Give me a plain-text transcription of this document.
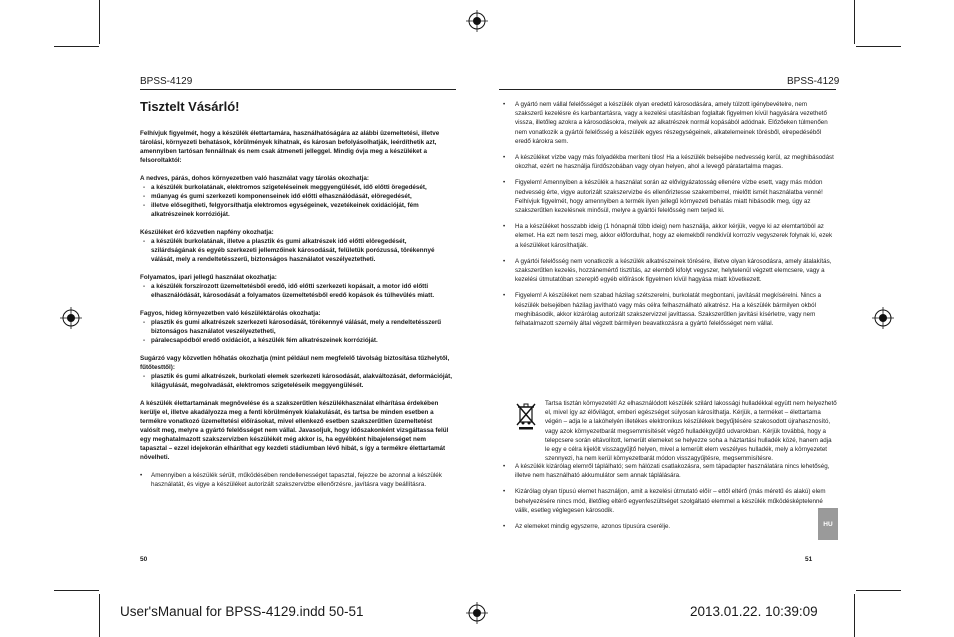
BPSS-4129	BPSS-4129
Tisztelt Vásárló!

Felhívjuk figyelmét, hogy a készülék élettartamára, használhatóságára az alábbi üzemeltetési, illetve tárolási, környezeti behatások, körülmények kihatnak, és károsan befolyásolhatják, leérdíthetik azt, amennyiben tartósan fennállnak és nem csak átmeneti jelleggel. Mindig óvja meg a készüléket a felsoroltaktól:

A nedves, párás, dohos környezetben való használat vagy tárolás okozhatja:
- a készülék burkolatának, elektromos szigeteléseinek meggyengülését, idő előtti öregedését,
- műanyag és gumi szerkezeti komponenseinek idő előtti elhasználódását, elöregedését,
- illetve elősegítheti, felgyorsíthatja elektromos egységeinek, vezetékeinek oxidációját, fém alkatrészeinek korrózióját.
Készüléket érő közvetlen napfény okozhatja:
- a készülék burkolatának, illetve a plasztik és gumi alkatrészek idő előtti elöregedését, szilárdságának és egyéb szerkezeti jellemzőinek károsodását, felületük porózussá, törékennyé válását, mely a rendeltetésszerű, biztonságos használatot veszélyeztetheti.
Folyamatos, ipari jellegű használat okozhatja:
- a készülék forszírozott üzemeltetésből eredő, idő előtti szerkezeti kopásait, a motor idő előtti elhasználódását, károsodását a folyamatos üzemeltetésből eredő kopások és túlhevülés miatt.
Fagyos, hideg környezetben való készüléktárolás okozhatja:
- plasztik és gumi alkatrészek szerkezeti károsodását, törékennyé válását, mely a rendeltetésszerű biztonságos használatot veszélyeztetheti,
- páralecsapódból eredő oxidációt, a készülék fém alkatrészeinek korrózióját.
Sugárzó vagy közvetlen hőhatás okozhatja (mint például nem megfelelő távolság biztosítása tűzhelytől, fűtőtesttől):
- plasztik és gumi alkatrészek, burkolati elemek szerkezeti károsodását, alakváltozását, deformációját, kilágyulását, megolvadását, elektromos szigeteléseik meggyengülését.

A készülék élettartamának megnövelése és a szakszerűtlen készülékhasználat elhárítása érdekében kerülje el, illetve akadályozza meg a fenti körülmények kialakulását, és tartsa be minden esetben a termékre vonatkozó üzemeltetési előírásokat, mivel ellenkező esetben szakszerűtlen üzemeltetést valósít meg, melyre a gyártó felelősséget nem vállal. Javasoljuk, hogy időszakonként vizsgáltassa felül egy meghatalmazott szakszervizben készülékét még akkor is, ha egyébként hibajelenséget nem tapasztal – ezzel idejekorán elháríthat egy kezdeti stádiumban lévő hibát, s így a termékre élettartamát növelheti.

• Amennyiben a készülék sérült, működésében rendellenességet tapasztal, fejezze be azonnal a készülék használatát, és vigye a készüléket autorizált szakszervizbe ellenőrzésre, javításra vagy beállításra.
50
• A gyártó nem vállal felelősséget a készülék olyan eredetű károsodására, amely túlzott igénybevételre, nem szakszerű kezelésre és karbantartásra, vagy a kezelési utasításban foglaltak figyelmen kívül hagyására vezethető vissza, illetőleg azokra a károsodásokra, melyek az alkatrészek normál kopásából adódnak. Előzőeken túlmenően nem vonatkozik a gyártói felelősség a készülék egyes részegységeinek, alkatelemeinek törésből, elrepedéséből eredő károkra sem.
• A készüléket vízbe vagy más folyadékba meríteni tilos! Ha a készülék belsejébe nedvesség kerül, az meghibásodást okozhat, ezért ne használja fürdőszobában vagy olyan helyen, ahol a levegő páratartalma magas.
• Figyelem! Amennyiben a készülék a használat során az elővigyázatosság ellenére vízbe esett, vagy más módon nedvesség érte, vigye autorizált szakszervizbe és ellenőriztesse szakemberrel, mielőtt ismét használatba venné! Felhívjuk figyelmét, hogy amennyiben a termék ilyen jellegű környezeti behatás miatt hibásodik meg, úgy az szakszerűtlen kezelésnek minősül, melyre a gyártói felelősség nem terjed ki.
• Ha a készüléket hosszabb ideig (1 hónapnál több ideig) nem használja, akkor kérjük, vegye ki az elemtartóból az elemet. Ha ezt nem teszi meg, akkor előfordulhat, hogy az elemekből rendkívül korrozív vegyszerek folynak ki, ezek a készüléket károsíthatják.
• A gyártói felelősség nem vonatkozik a készülék alkatrészeinek törésére, illetve olyan károsodásra, amely átalakítás, szakszerűtlen kezelés, hozzánemértő tisztítás, az elemből kifolyt vegyszer, helytelenül végzett elemcsere, vagy a kezelési útmutatóban szereplő egyéb előírások figyelmen kívül hagyása miatt következett.
• Figyelem! A készüléket nem szabad házilag szétszerelni, burkolatát megbontani, javítását megkísérelni. Nincs a készülék belsejében házilag javítható vagy más célra felhasználható alkatrész. Ha a készülék bármilyen okból meghibásodik, akkor kizárólag autorizált szakszervizzel javíttassa. Szakszerűtlen javítási kísérletre, vagy nem felhatalmazott személy által végzett bármilyen beavatkozásra a gyártó felelősséget nem vállal.
Tartsa tisztán környezetét! Az elhasználódott készülék szilárd lakossági hulladékkal együtt nem helyezhető el, mivel így az élővilágot, emberi egészséget súlyosan károsíthatja. Kérjük, a terméket – élettartama végén – adja le a lakóhelyén illetékes elektronikus készülékek begyűjtésére szakosodott újrahasznosító, vagy azok környezetbarát megsemmisítését végző hulladékgyűjtő udvarokban. Kérjük továbbá, hogy a telepcsere során eltávolított, lemerült elemeket se helyezze soha a háztartási hulladék közé, hanem adja le egy e célra kijelölt visszagyűjtő helyen, mivel a lemerült elem veszélyes hulladék, mely a környezetet szennyezi, ha nem kerül környezetbarát módon visszagyűjtésre, megsemmisítésre.
• A készülék kizárólag elemről táplálható; sem hálózati csatlakozásra, sem tápadapter használatára nincs lehetőség, illetve nem használható akkumulátor sem annak táplálására.
• Kizárólag olyan típusú elemet használjon, amit a kezelési útmutató előír – ettől eltérő (más méretű és alakú) elem behelyezésére nincs mód, illetőleg eltérő egyenfeszültséget szolgáltató elemmel a készülék működésképtelenné válik, esetleg véglegesen károsodik.
• Az elemeket mindig egyszerre, azonos típusúra cserélje.	HU
51
User'sManual for BPSS-4129.indd 50-51	2013.01.22. 10:39:09
